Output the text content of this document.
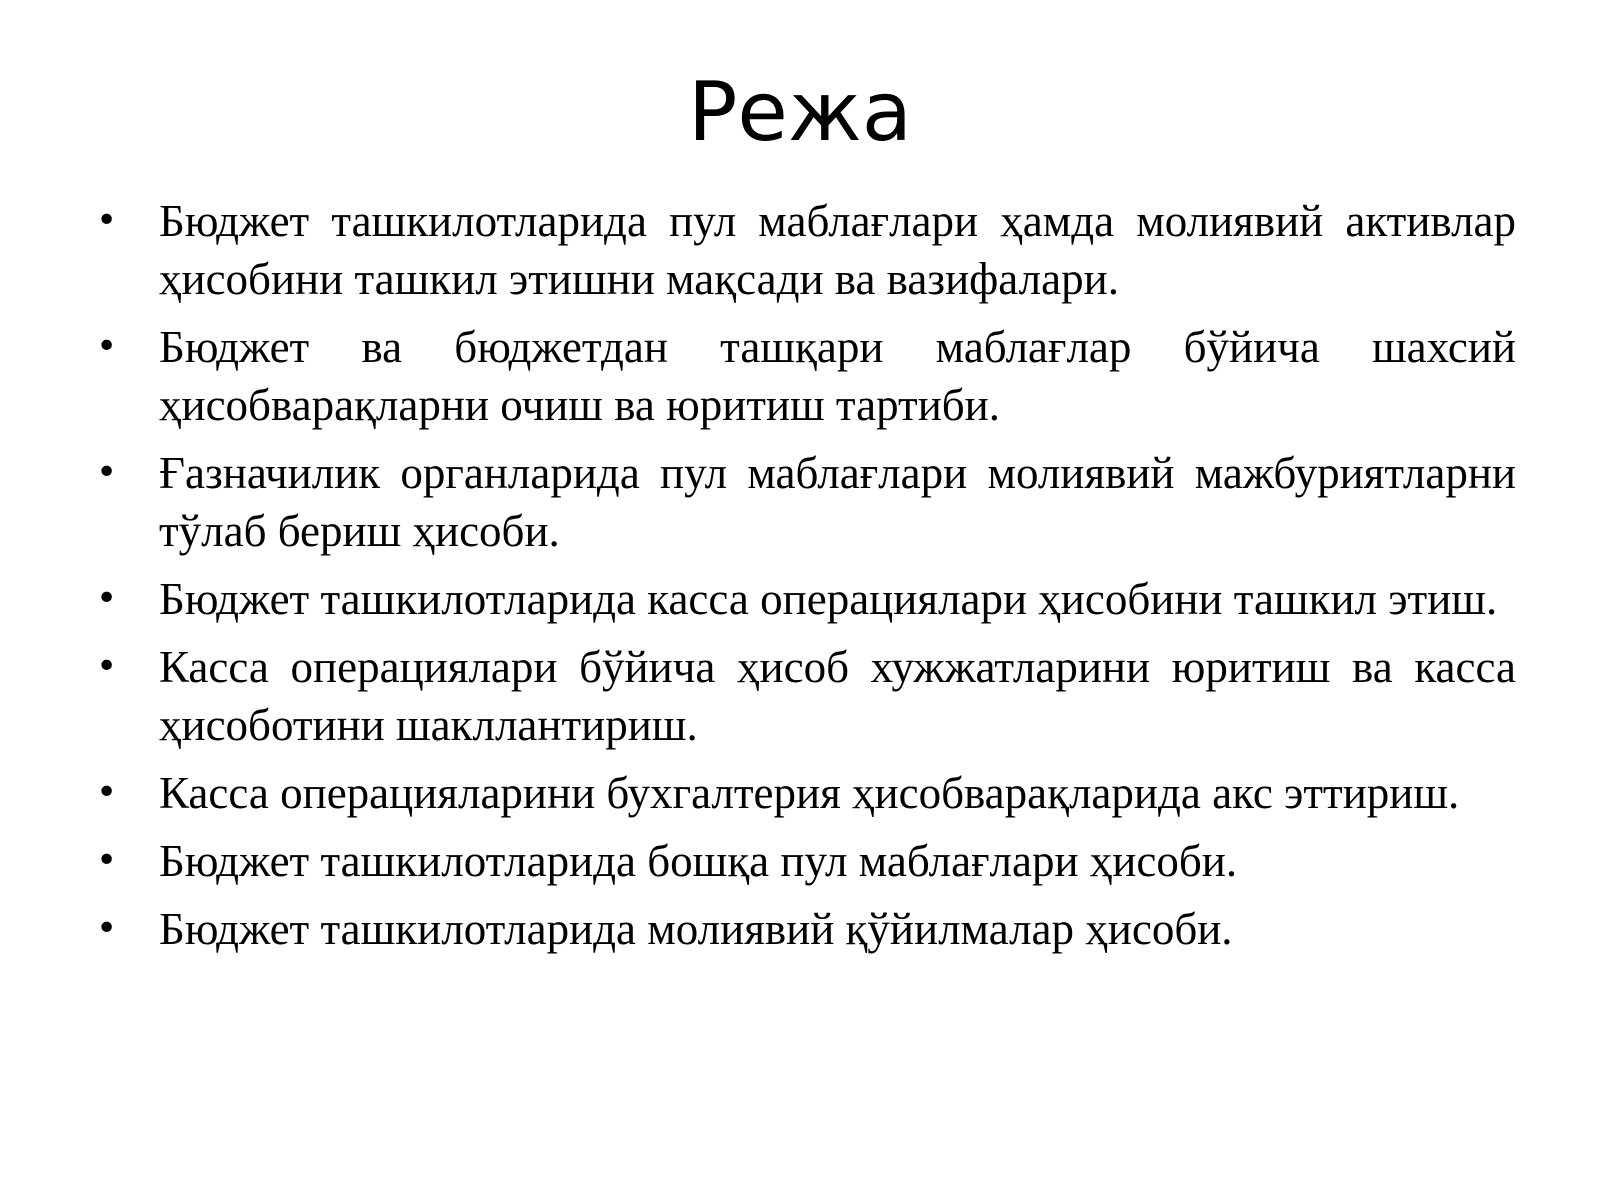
Режа
• Бюджет ташкилотларида пул маблағлари ҳамда молиявий активлар ҳисобини ташкил этишни мақсади ва вазифалари.
• Бюджет ва бюджетдан ташқари маблағлар бўйича шахсий ҳисобварақларни очиш ва юритиш тартиби.
• Ғазначилик органларида пул маблағлари молиявий мажбуриятларни тўлаб бериш ҳисоби.
• Бюджет ташкилотларида касса операциялари ҳисобини ташкил этиш.
• Касса операциялари бўйича ҳисоб хужжатларини юритиш ва касса ҳисоботини шакллантириш.
• Касса операцияларини бухгалтерия ҳисобварақларида акс эттириш.
• Бюджет ташкилотларида бошқа пул маблағлари ҳисоби.
• Бюджет ташкилотларида молиявий қўйилмалар ҳисоби.
